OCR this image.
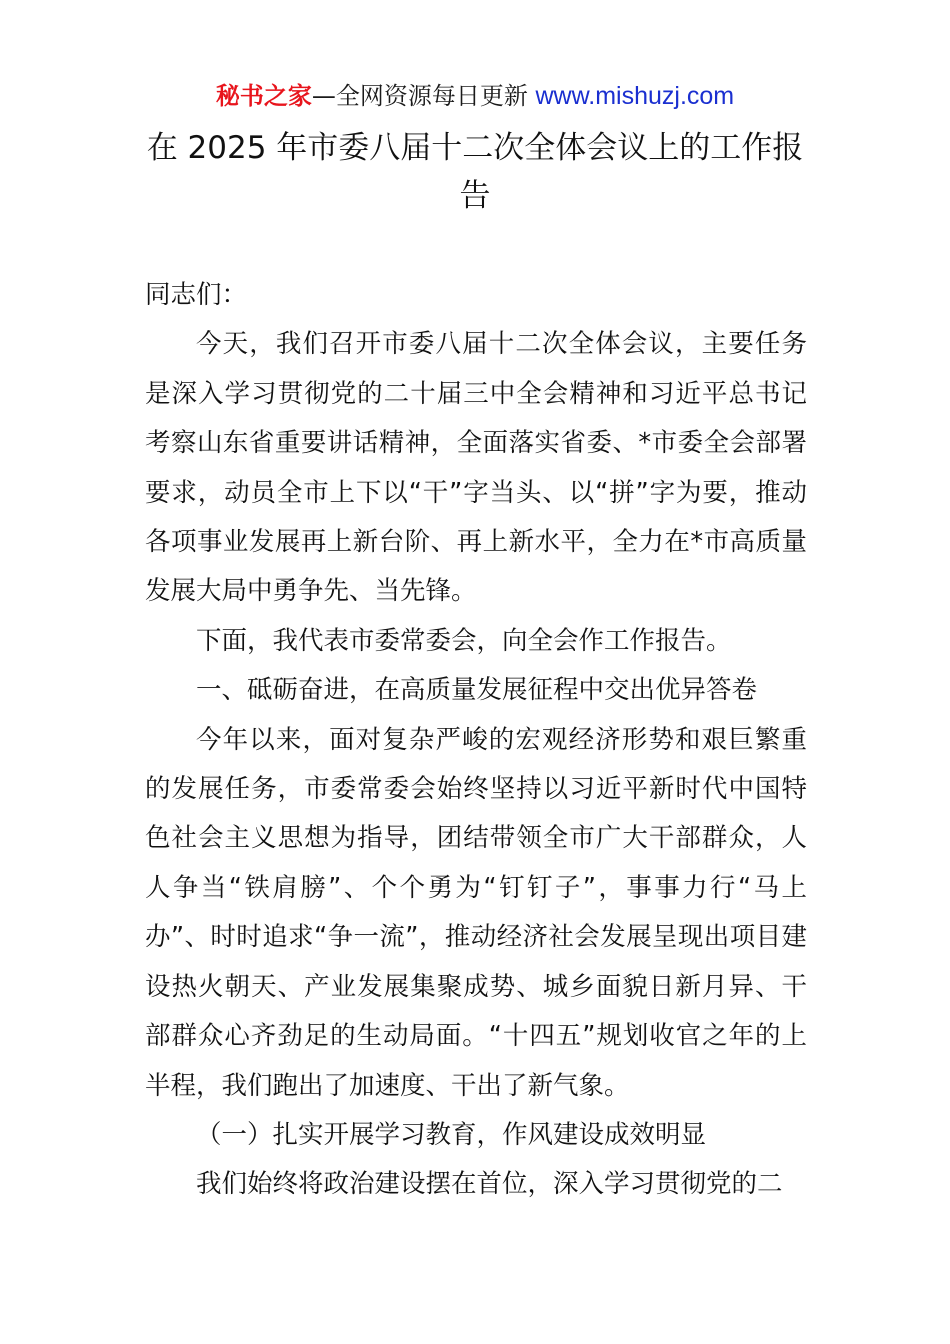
秘书之家—全网资源每日更新 www.mishuzj.com
在 2025 年市委八届十二次全体会议上的工作报告

同志们：

今天，我们召开市委八届十二次全体会议，主要任务是深入学习贯彻党的二十届三中全会精神和习近平总书记考察山东省重要讲话精神，全面落实省委、*市委全会部署要求，动员全市上下以“干”字当头、以“拼”字为要，推动各项事业发展再上新台阶、再上新水平，全力在*市高质量发展大局中勇争先、当先锋。

下面，我代表市委常委会，向全会作工作报告。

一、砥砺奋进，在高质量发展征程中交出优异答卷

今年以来，面对复杂严峻的宏观经济形势和艰巨繁重的发展任务，市委常委会始终坚持以习近平新时代中国特色社会主义思想为指导，团结带领全市广大干部群众，人人争当“铁肩膀”、个个勇为“钉钉子”，事事力行“马上办”、时时追求“争一流”，推动经济社会发展呈现出项目建设热火朝天、产业发展集聚成势、城乡面貌日新月异、干部群众心齐劲足的生动局面。“十四五”规划收官之年的上半程，我们跑出了加速度、干出了新气象。

（一）扎实开展学习教育，作风建设成效明显

我们始终将政治建设摆在首位，深入学习贯彻党的二
